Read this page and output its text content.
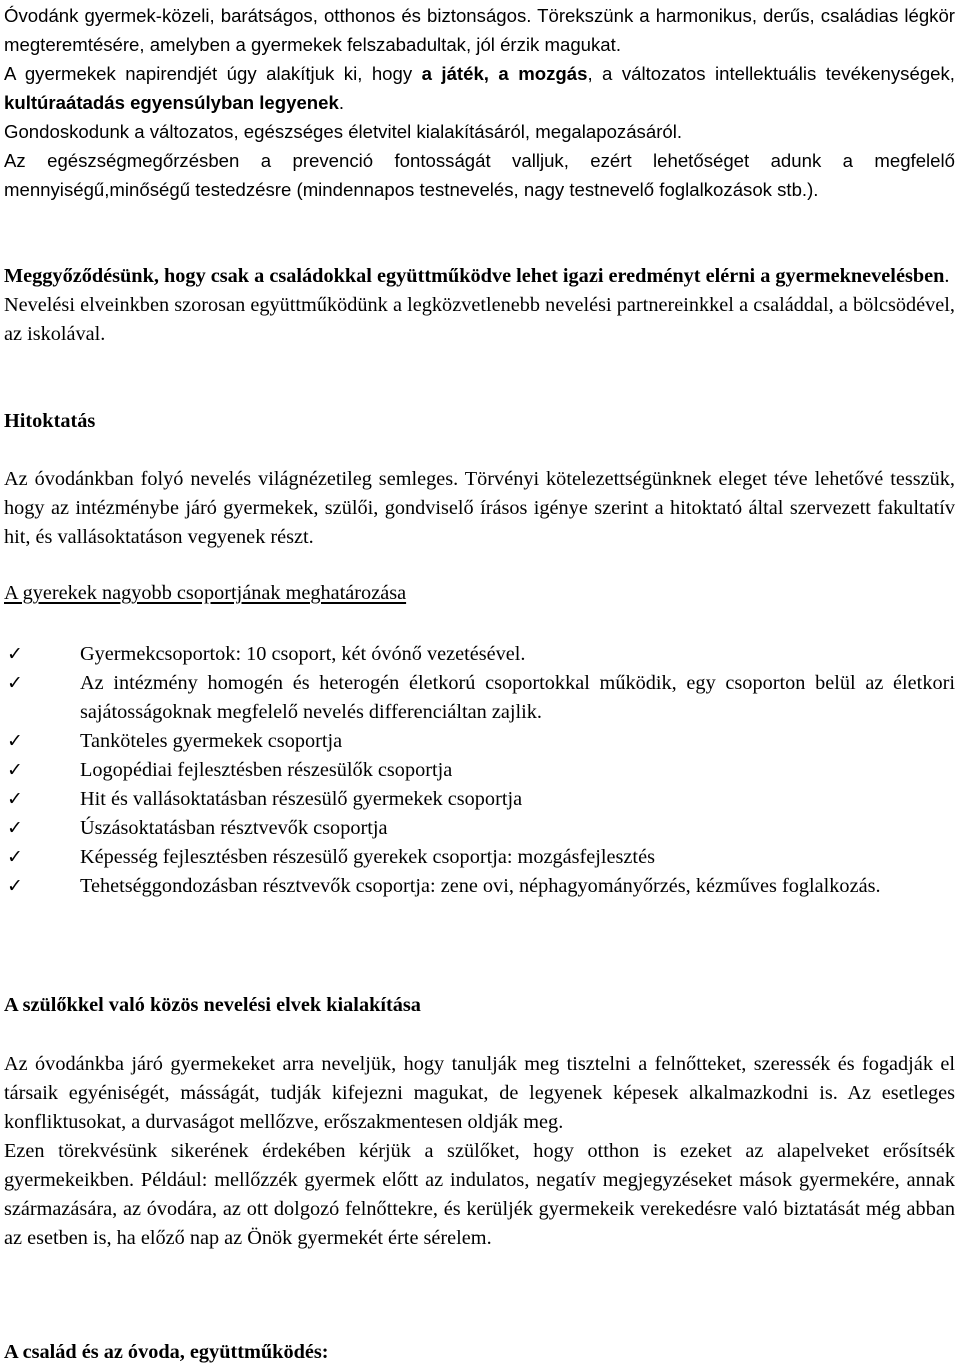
Óvodánk gyermek-közeli, barátságos, otthonos és biztonságos. Törekszünk a harmonikus, derűs, családias légkör megteremtésére, amelyben a gyermekek felszabadultak, jól érzik magukat.

A gyermekek napirendjét úgy alakítjuk ki, hogy a játék, a mozgás, a változatos intellektuális tevékenységek, kultúraátadás egyensúlyban legyenek.

Gondoskodunk a változatos, egészséges életvitel kialakításáról, megalapozásáról.

Az egészségmegőrzésben a prevenció fontosságát valljuk, ezért lehetőséget adunk a megfelelő mennyiségű,minőségű testedzésre (mindennapos testnevelés, nagy testnevelő foglalkozások stb.).

Meggyőződésünk, hogy csak a családokkal együttműködve lehet igazi eredményt elérni a gyermeknevelésben.

Nevelési elveinkben szorosan együttműködünk a legközvetlenebb nevelési partnereinkkel a családdal, a bölcsödével, az iskolával.

Hitoktatás
Az óvodánkban folyó nevelés világnézetileg semleges. Törvényi kötelezettségünknek eleget téve lehetővé tesszük, hogy az intézménybe járó gyermekek, szülői, gondviselő írásos igénye szerint a hitoktató által szervezett fakultatív hit, és vallásoktatáson vegyenek részt.
A gyerekek nagyobb csoportjának meghatározása
✓	Gyermekcsoportok: 10 csoport, két óvónő vezetésével.
✓	Az intézmény homogén és heterogén életkorú csoportokkal működik, egy csoporton belül az életkori sajátosságoknak megfelelő nevelés differenciáltan zajlik.
✓	Tanköteles gyermekek csoportja
✓	Logopédiai fejlesztésben részesülők csoportja
✓	Hit és vallásoktatásban részesülő gyermekek csoportja
✓	Úszásoktatásban résztvevők csoportja
✓	Képesség fejlesztésben részesülő gyerekek csoportja: mozgásfejlesztés
✓	Tehetséggondozásban résztvevők csoportja: zene ovi, néphagyományőrzés, kézműves foglalkozás.
A szülőkkel való közös nevelési elvek kialakítása

Az óvodánkba járó gyermekeket arra neveljük, hogy tanulják meg tisztelni a felnőtteket, szeressék és fogadják el társaik egyéniségét, másságát, tudják kifejezni magukat, de legyenek képesek alkalmazkodni is. Az esetleges konfliktusokat, a durvaságot mellőzve, erőszakmentesen oldják meg.

Ezen törekvésünk sikerének érdekében kérjük a szülőket, hogy otthon is ezeket az alapelveket erősítsék gyermekeikben. Például: mellőzzék gyermek előtt az indulatos, negatív megjegyzéseket mások gyermekére, annak származására, az óvodára, az ott dolgozó felnőttekre, és kerüljék gyermekeik verekedésre való biztatását még abban az esetben is, ha előző nap az Önök gyermekét érte sérelem.

A család és az óvoda, együttműködés:
